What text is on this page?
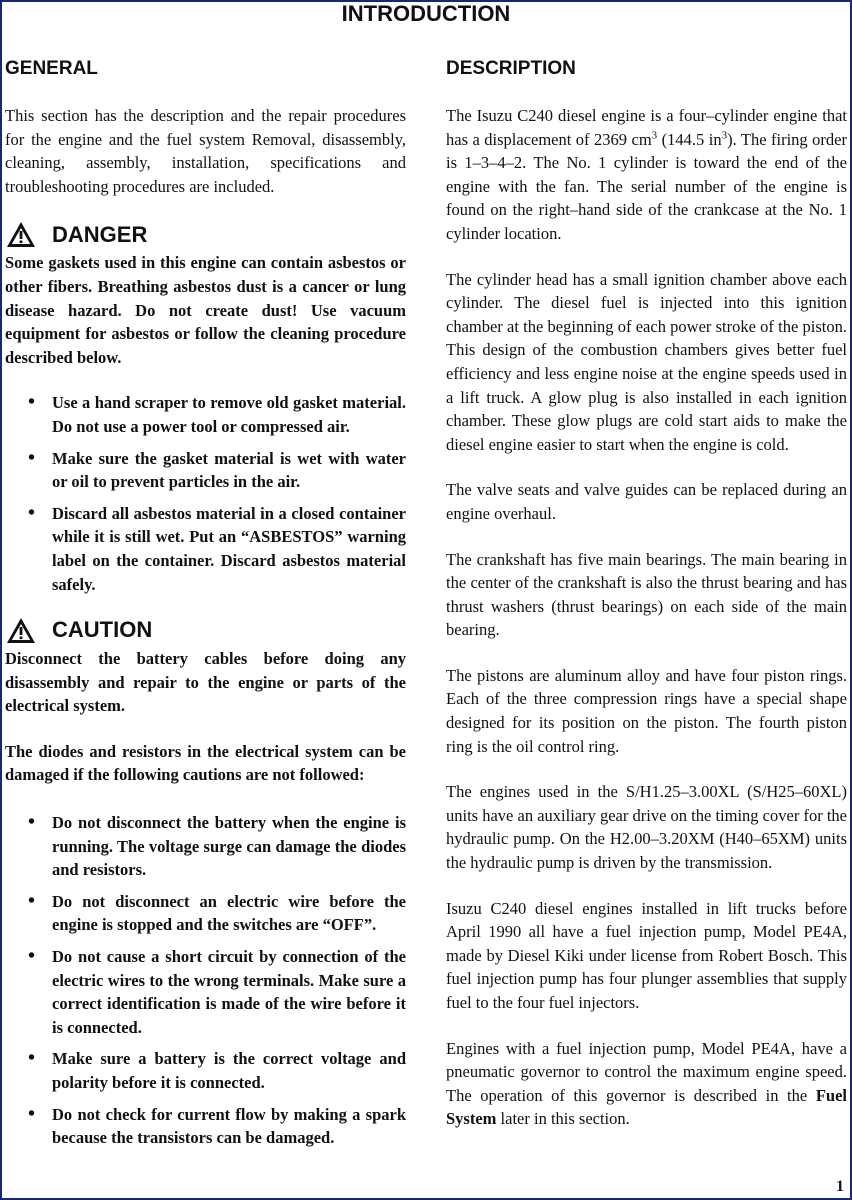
INTRODUCTION
GENERAL

This section has the description and the repair procedures for the engine and the fuel system Removal, disassembly, cleaning, assembly, installation, specifications and troubleshooting procedures are included.

DANGER

Some gaskets used in this engine can contain asbestos or other fibers. Breathing asbestos dust is a cancer or lung disease hazard. Do not create dust! Use vacuum equipment for asbestos or follow the cleaning procedure described below.

• Use a hand scraper to remove old gasket material. Do not use a power tool or compressed air.
• Make sure the gasket material is wet with water or oil to prevent particles in the air.
• Discard all asbestos material in a closed container while it is still wet. Put an “ASBESTOS” warning label on the container. Discard asbestos material safely.
CAUTION

Disconnect the battery cables before doing any disassembly and repair to the engine or parts of the electrical system.

The diodes and resistors in the electrical system can be damaged if the following cautions are not followed:

• Do not disconnect the battery when the engine is running. The voltage surge can damage the diodes and resistors.
• Do not disconnect an electric wire before the engine is stopped and the switches are “OFF”.
• Do not cause a short circuit by connection of the electric wires to the wrong terminals. Make sure a correct identification is made of the wire before it is connected.
• Make sure a battery is the correct voltage and polarity before it is connected.
• Do not check for current flow by making a spark because the transistors can be damaged.
DESCRIPTION

The Isuzu C240 diesel engine is a four–cylinder engine that has a displacement of 2369 $cm^3$ (144.5 $in^3$). The firing order is 1–3–4–2. The No. 1 cylinder is toward the end of the engine with the fan. The serial number of the engine is found on the right–hand side of the crankcase at the No. 1 cylinder location.

The cylinder head has a small ignition chamber above each cylinder. The diesel fuel is injected into this ignition chamber at the beginning of each power stroke of the piston. This design of the combustion chambers gives better fuel efficiency and less engine noise at the engine speeds used in a lift truck. A glow plug is also installed in each ignition chamber. These glow plugs are cold start aids to make the diesel engine easier to start when the engine is cold.

The valve seats and valve guides can be replaced during an engine overhaul.

The crankshaft has five main bearings. The main bearing in the center of the crankshaft is also the thrust bearing and has thrust washers (thrust bearings) on each side of the main bearing.

The pistons are aluminum alloy and have four piston rings. Each of the three compression rings have a special shape designed for its position on the piston. The fourth piston ring is the oil control ring.

The engines used in the S/H1.25–3.00XL (S/H25–60XL) units have an auxiliary gear drive on the timing cover for the hydraulic pump. On the H2.00–3.20XM (H40–65XM) units the hydraulic pump is driven by the transmission.

Isuzu C240 diesel engines installed in lift trucks before April 1990 all have a fuel injection pump, Model PE4A, made by Diesel Kiki under license from Robert Bosch. This fuel injection pump has four plunger assemblies that supply fuel to the four fuel injectors.

Engines with a fuel injection pump, Model PE4A, have a pneumatic governor to control the maximum engine speed. The operation of this governor is described in the Fuel System later in this section.

1
